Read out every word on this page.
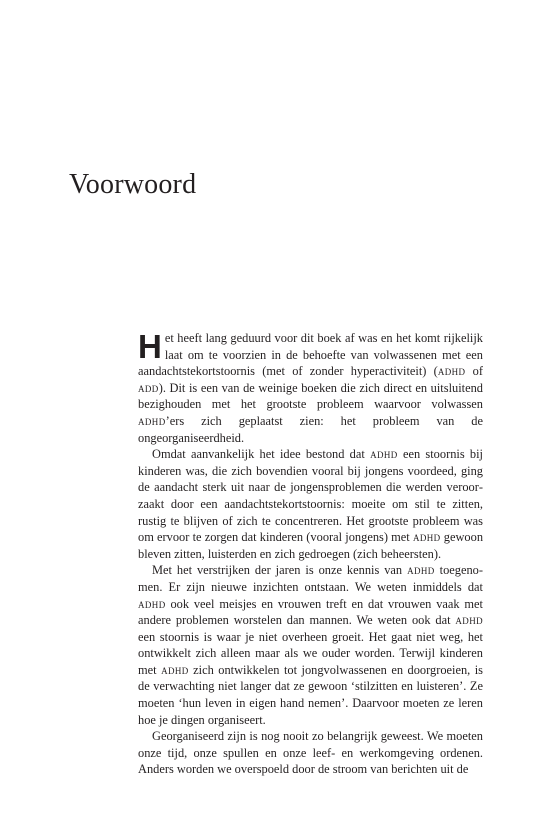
Voorwoord

Het heeft lang geduurd voor dit boek af was en het komt rijkelijk laat om te voorzien in de behoefte van volwassenen met een aandachtstekortstoornis (met of zonder hyperactiviteit) (adhd of add). Dit is een van de weinige boeken die zich direct en uitsluitend bezighouden met het grootste probleem waarvoor volwassen adhd’ers zich geplaatst zien: het probleem van de ongeorganiseerdheid.

Omdat aanvankelijk het idee bestond dat adhd een stoornis bij kinderen was, die zich bovendien vooral bij jongens voordeed, ging de aandacht sterk uit naar de jongensproblemen die werden veroorzaakt door een aandachtstekortstoornis: moeite om stil te zitten, rustig te blijven of zich te concentreren. Het grootste probleem was om ervoor te zorgen dat kinderen (vooral jongens) met adhd gewoon bleven zitten, luisterden en zich gedroegen (zich beheersten).

Met het verstrijken der jaren is onze kennis van adhd toegenomen. Er zijn nieuwe inzichten ontstaan. We weten inmiddels dat adhd ook veel meisjes en vrouwen treft en dat vrouwen vaak met andere problemen worstelen dan mannen. We weten ook dat adhd een stoornis is waar je niet overheen groeit. Het gaat niet weg, het ontwikkelt zich alleen maar als we ouder worden. Terwijl kinderen met adhd zich ontwikkelen tot jongvolwassenen en doorgroeien, is de verwachting niet langer dat ze gewoon ‘stilzitten en luisteren’. Ze moeten ‘hun leven in eigen hand nemen’. Daarvoor moeten ze leren hoe je dingen organiseert.

Georganiseerd zijn is nog nooit zo belangrijk geweest. We moeten onze tijd, onze spullen en onze leef- en werkomgeving ordenen. Anders worden we overspoeld door de stroom van berichten uit de
